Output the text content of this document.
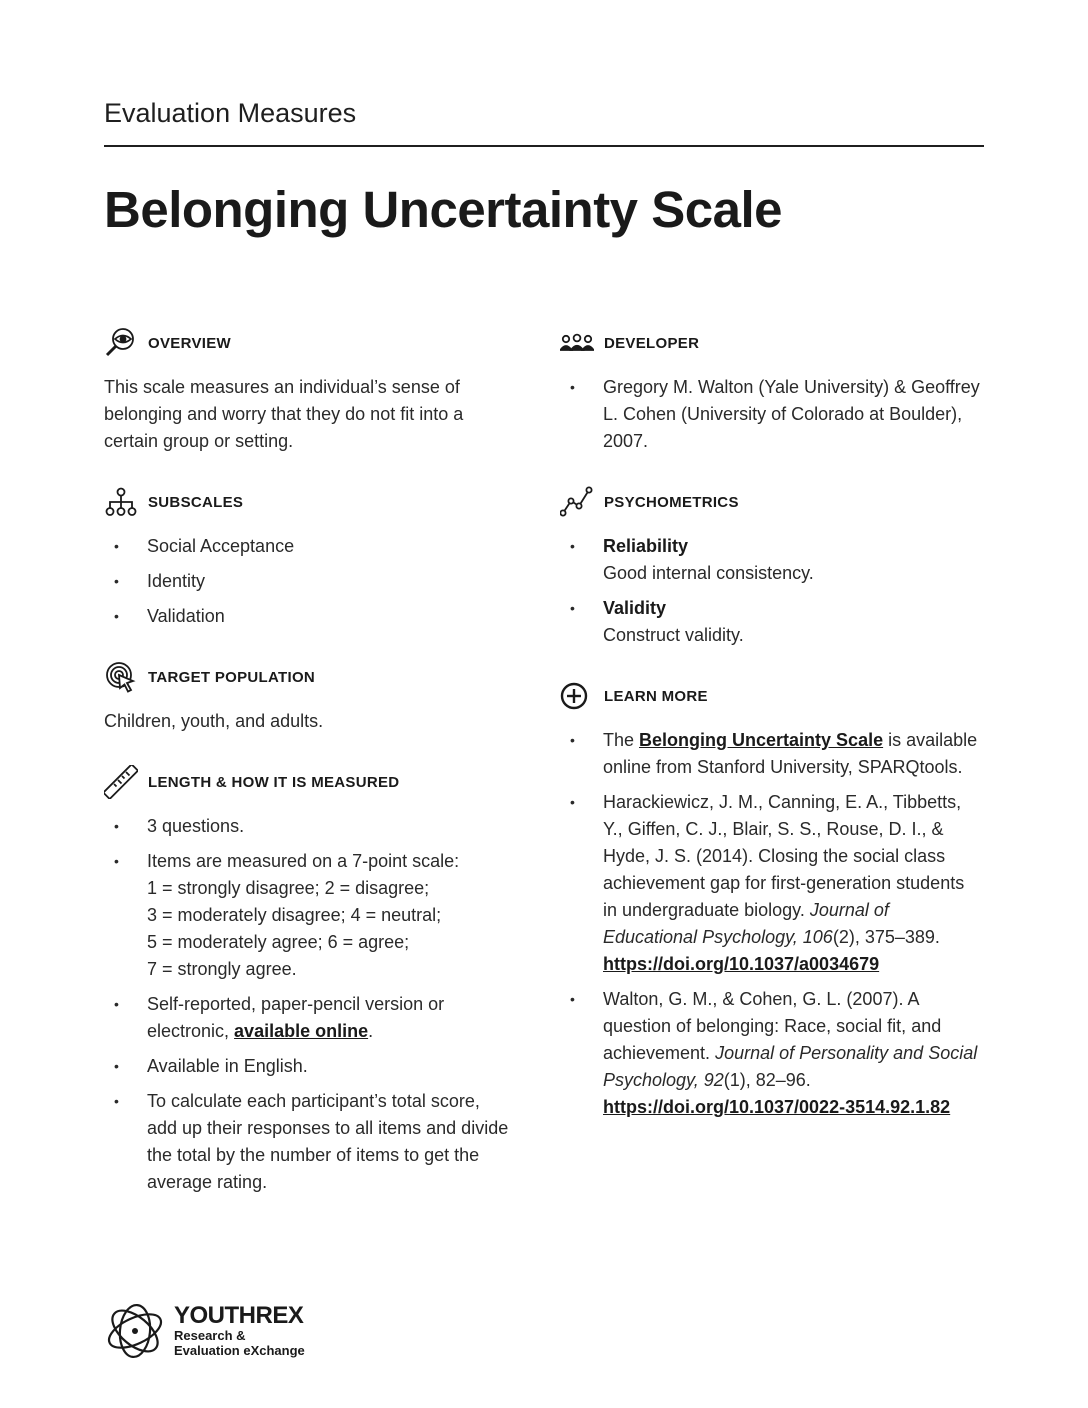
Evaluation Measures
Belonging Uncertainty Scale
OVERVIEW
This scale measures an individual’s sense of belonging and worry that they do not fit into a certain group or setting.
SUBSCALES
• Social Acceptance
• Identity
• Validation
TARGET POPULATION
Children, youth, and adults.
LENGTH & HOW IT IS MEASURED
• 3 questions.
• Items are measured on a 7-point scale:
1 = strongly disagree; 2 = disagree;
3 = moderately disagree; 4 = neutral;
5 = moderately agree; 6 = agree;
7 = strongly agree.
• Self-reported, paper-pencil version or electronic, available online.
• Available in English.
• To calculate each participant’s total score, add up their responses to all items and divide the total by the number of items to get the average rating.
DEVELOPER
• Gregory M. Walton (Yale University) & Geoffrey L. Cohen (University of Colorado at Boulder), 2007.
PSYCHOMETRICS
• Reliability
Good internal consistency.
• Validity
Construct validity.
LEARN MORE
• The Belonging Uncertainty Scale is available online from Stanford University, SPARQtools.
• Harackiewicz, J. M., Canning, E. A., Tibbetts, Y., Giffen, C. J., Blair, S. S., Rouse, D. I., & Hyde, J. S. (2014). Closing the social class achievement gap for first-generation students in undergraduate biology. Journal of Educational Psychology, 106(2), 375–389. https://doi.org/10.1037/a0034679
• Walton, G. M., & Cohen, G. L. (2007). A question of belonging: Race, social fit, and achievement. Journal of Personality and Social Psychology, 92(1), 82–96. https://doi.org/10.1037/0022-3514.92.1.82
YOUTHREX
Research &
Evaluation eXchange
